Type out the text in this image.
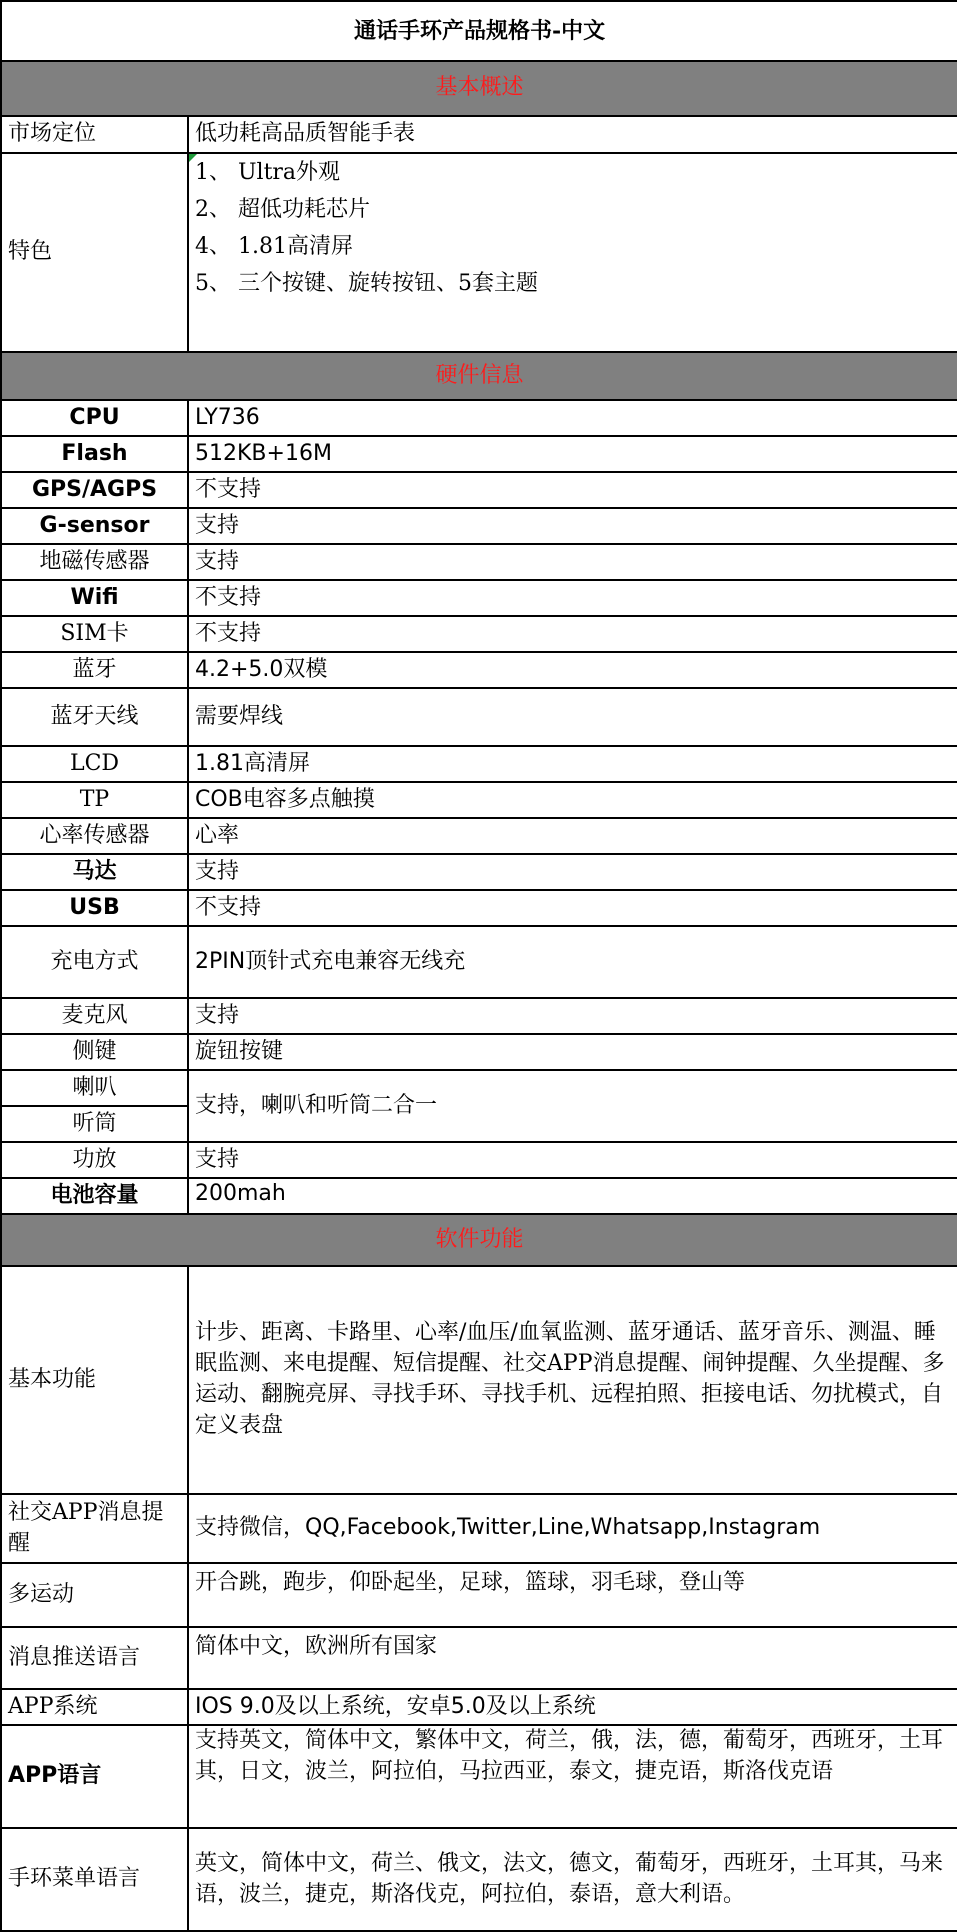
通话手环产品规格书-中文	
基本概述	
市场定位	低功耗高品质智能手表
特色	1、 Ultra外观
2、 超低功耗芯片
4、 1.81高清屏
5、 三个按键、旋转按钮、5套主题

硬件信息	
CPU	LY736
Flash	512KB+16M
GPS/AGPS	不支持
G-sensor	支持
地磁传感器	支持
Wifi	不支持
SIM卡	不支持
蓝牙	4.2+5.0双模
蓝牙天线	需要焊线
LCD	1.81高清屏
TP	COB电容多点触摸
心率传感器	心率
马达	支持
USB	不支持
充电方式	2PIN顶针式充电兼容无线充
麦克风	支持
侧键	旋钮按键
喇叭	支持，喇叭和听筒二合一
听筒	
功放	支持
电池容量	200mah
软件功能	
基本功能	计步、距离、卡路里、心率/血压/血氧监测、蓝牙通话、蓝牙音乐、测温、睡眠监测、来电提醒、短信提醒、社交APP消息提醒、闹钟提醒、久坐提醒、多运动、翻腕亮屏、寻找手环、寻找手机、远程拍照、拒接电话、勿扰模式，自定义表盘
社交APP消息提醒	支持微信，QQ,Facebook,Twitter,Line,Whatsapp,Instagram
多运动	开合跳，跑步，仰卧起坐，足球，篮球，羽毛球，登山等
消息推送语言	简体中文，欧洲所有国家
APP系统	IOS 9.0及以上系统，安卓5.0及以上系统
APP语言	支持英文，简体中文，繁体中文，荷兰，俄，法，德，葡萄牙，西班牙，土耳其，日文，波兰，阿拉伯，马拉西亚，泰文，捷克语，斯洛伐克语
手环菜单语言	英文，简体中文，荷兰、俄文，法文，德文，葡萄牙，西班牙，土耳其，马来语，波兰，捷克，斯洛伐克，阿拉伯，泰语，意大利语。
